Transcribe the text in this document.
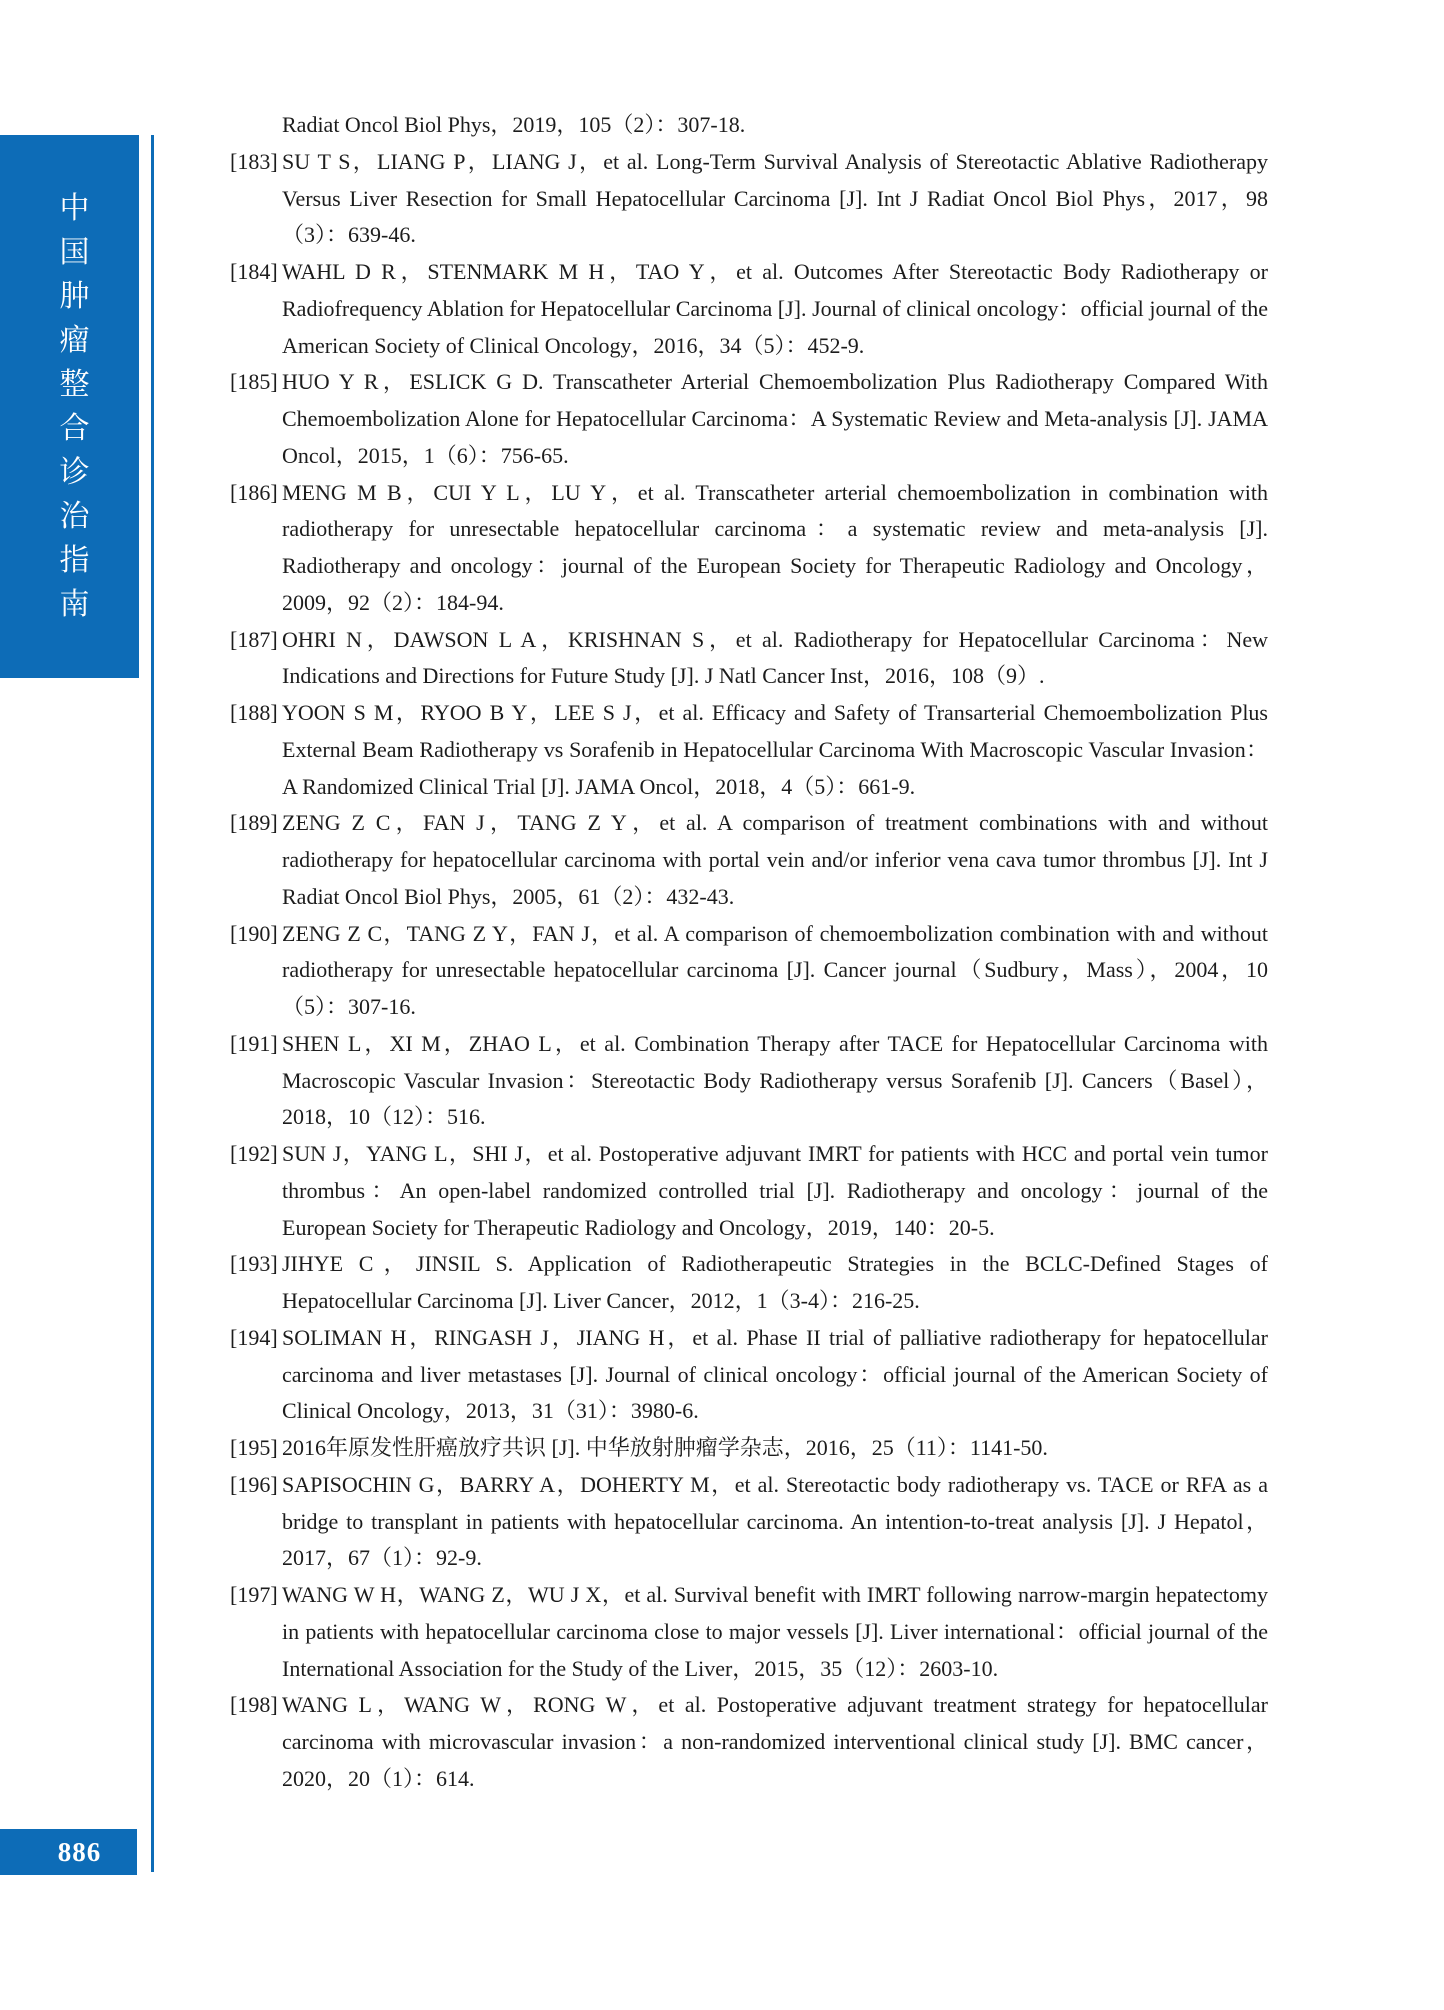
中
国
肿
瘤
整
合
诊
治
指
南
886
Radiat Oncol Biol Phys，2019，105（2）：307-18.
[183] SU T S，LIANG P，LIANG J，et al. Long-Term Survival Analysis of Stereotactic Ablative Radiotherapy Versus Liver Resection for Small Hepatocellular Carcinoma [J]. Int J Radiat Oncol Biol Phys，2017，98（3）：639-46.
[184] WAHL D R，STENMARK M H，TAO Y，et al. Outcomes After Stereotactic Body Radiotherapy or Radiofrequency Ablation for Hepatocellular Carcinoma [J]. Journal of clinical oncology：official journal of the American Society of Clinical Oncology，2016，34（5）：452-9.
[185] HUO Y R，ESLICK G D. Transcatheter Arterial Chemoembolization Plus Radiotherapy Compared With Chemoembolization Alone for Hepatocellular Carcinoma：A Systematic Review and Meta-analysis [J]. JAMA Oncol，2015，1（6）：756-65.
[186] MENG M B，CUI Y L，LU Y，et al. Transcatheter arterial chemoembolization in combination with radiotherapy for unresectable hepatocellular carcinoma：a systematic review and meta-analysis [J]. Radiotherapy and oncology：journal of the European Society for Therapeutic Radiology and Oncology，2009，92（2）：184-94.
[187] OHRI N，DAWSON L A，KRISHNAN S，et al. Radiotherapy for Hepatocellular Carcinoma：New Indications and Directions for Future Study [J]. J Natl Cancer Inst，2016，108（9）.
[188] YOON S M，RYOO B Y，LEE S J，et al. Efficacy and Safety of Transarterial Chemoembolization Plus External Beam Radiotherapy vs Sorafenib in Hepatocellular Carcinoma With Macroscopic Vascular Invasion：A Randomized Clinical Trial [J]. JAMA Oncol，2018，4（5）：661-9.
[189] ZENG Z C，FAN J，TANG Z Y，et al. A comparison of treatment combinations with and without radiotherapy for hepatocellular carcinoma with portal vein and/or inferior vena cava tumor thrombus [J]. Int J Radiat Oncol Biol Phys，2005，61（2）：432-43.
[190] ZENG Z C，TANG Z Y，FAN J，et al. A comparison of chemoembolization combination with and without radiotherapy for unresectable hepatocellular carcinoma [J]. Cancer journal（Sudbury，Mass），2004，10（5）：307-16.
[191] SHEN L，XI M，ZHAO L，et al. Combination Therapy after TACE for Hepatocellular Carcinoma with Macroscopic Vascular Invasion：Stereotactic Body Radiotherapy versus Sorafenib [J]. Cancers（Basel），2018，10（12）：516.
[192] SUN J，YANG L，SHI J，et al. Postoperative adjuvant IMRT for patients with HCC and portal vein tumor thrombus：An open-label randomized controlled trial [J]. Radiotherapy and oncology：journal of the European Society for Therapeutic Radiology and Oncology，2019，140：20-5.
[193] JIHYE C，JINSIL S. Application of Radiotherapeutic Strategies in the BCLC-Defined Stages of Hepatocellular Carcinoma [J]. Liver Cancer，2012，1（3-4）：216-25.
[194] SOLIMAN H，RINGASH J，JIANG H，et al. Phase II trial of palliative radiotherapy for hepatocellular carcinoma and liver metastases [J]. Journal of clinical oncology：official journal of the American Society of Clinical Oncology，2013，31（31）：3980-6.
[195] 2016年原发性肝癌放疗共识 [J]. 中华放射肿瘤学杂志，2016，25（11）：1141-50.
[196] SAPISOCHIN G，BARRY A，DOHERTY M，et al. Stereotactic body radiotherapy vs. TACE or RFA as a bridge to transplant in patients with hepatocellular carcinoma. An intention-to-treat analysis [J]. J Hepatol，2017，67（1）：92-9.
[197] WANG W H，WANG Z，WU J X，et al. Survival benefit with IMRT following narrow-margin hepatectomy in patients with hepatocellular carcinoma close to major vessels [J]. Liver international：official journal of the International Association for the Study of the Liver，2015，35（12）：2603-10.
[198] WANG L，WANG W，RONG W，et al. Postoperative adjuvant treatment strategy for hepatocellular carcinoma with microvascular invasion：a non-randomized interventional clinical study [J]. BMC cancer，2020，20（1）：614.
